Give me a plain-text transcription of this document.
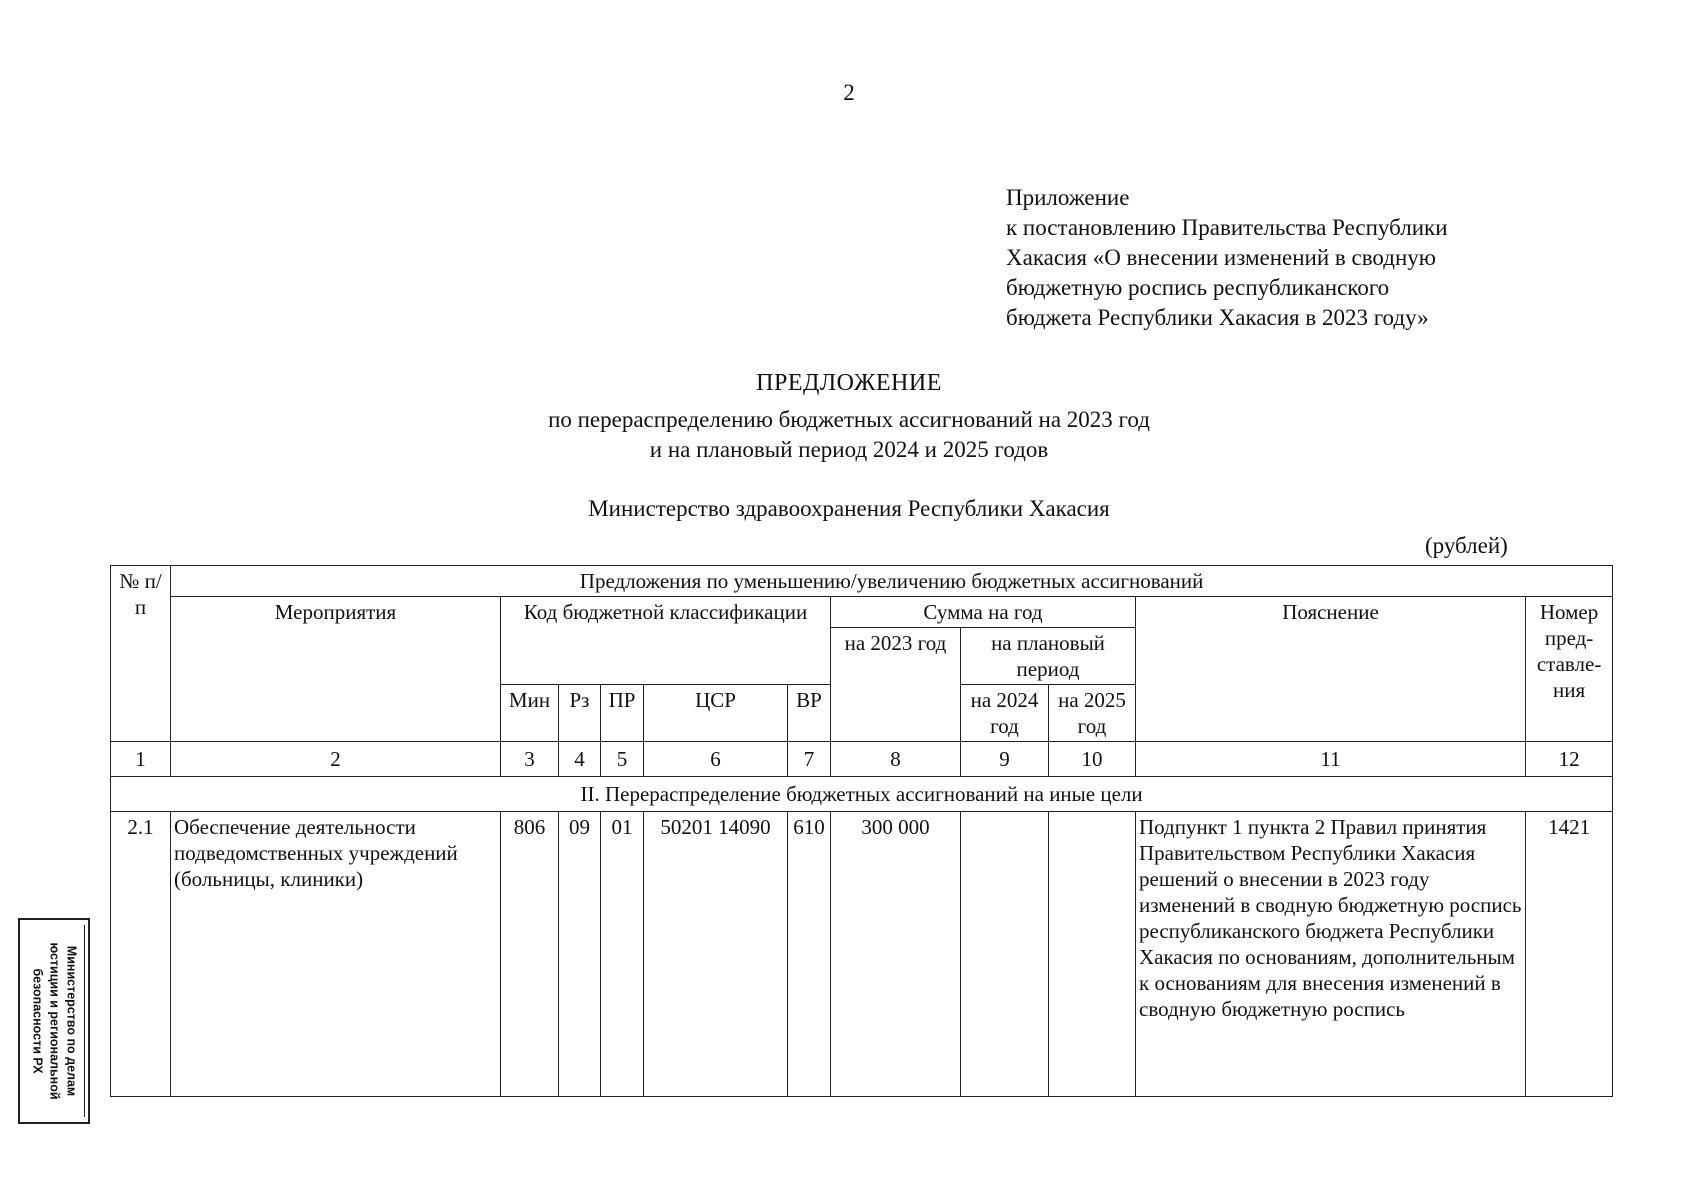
2
Приложение
к постановлению Правительства Республики
Хакасия «О внесении изменений в сводную
бюджетную роспись республиканского
бюджета Республики Хакасия в 2023 году»
ПРЕДЛОЖЕНИЕ
по перераспределению бюджетных ассигнований на 2023 год
и на плановый период 2024 и 2025 годов
Министерство здравоохранения Республики Хакасия
(рублей)
№ п/п	Предложения по уменьшению/увеличению бюджетных ассигнований										
	Мероприятия	Код бюджетной классификации					Сумма на год			Пояснение	Номер пред-ставле-ния
							на 2023 год	на плановый период			
		Мин	Рз	ПР	ЦСР	ВР		на 2024 год	на 2025 год		
1	2	3	4	5	6	7	8	9	10	11	12
II. Перераспределение бюджетных ассигнований на иные цели											
2.1	Обеспечение деятельности подведомственных учреждений (больницы, клиники)	806	09	01	50201 14090	610	300 000			Подпункт 1 пункта 2 Правил принятия Правительством Республики Хакасия решений о внесении в 2023 году изменений в сводную бюджетную роспись республиканского бюджета Республики Хакасия по основаниям, дополнительным к основаниям для внесения изменений в сводную бюджетную роспись	1421
Министерство по делам
юстиции и региональной
безопасности РХ
